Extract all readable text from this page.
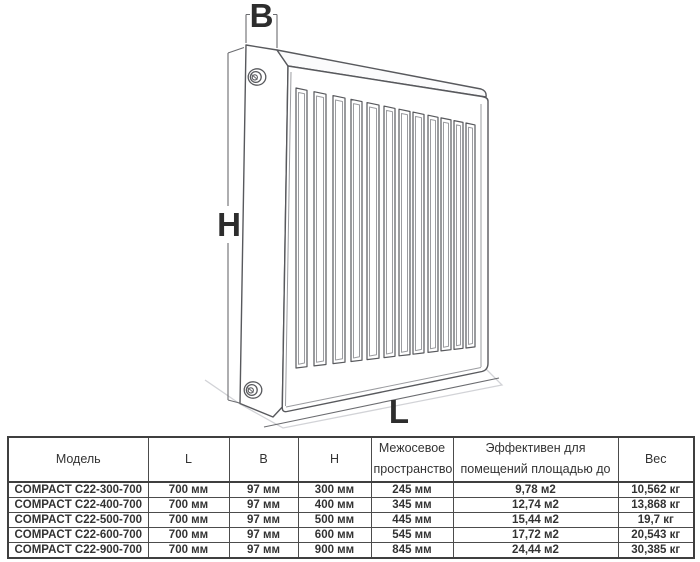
B
H
L
Модель	L	B	H	Межосевое пространство	Эффективен для помещений площадью до	Вес
COMPACT C22-300-700	700 мм	97 мм	300 мм	245 мм	9,78 м2	10,562 кг
COMPACT C22-400-700	700 мм	97 мм	400 мм	345 мм	12,74 м2	13,868 кг
COMPACT C22-500-700	700 мм	97 мм	500 мм	445 мм	15,44 м2	19,7 кг
COMPACT C22-600-700	700 мм	97 мм	600 мм	545 мм	17,72 м2	20,543 кг
COMPACT C22-900-700	700 мм	97 мм	900 мм	845 мм	24,44 м2	30,385 кг
